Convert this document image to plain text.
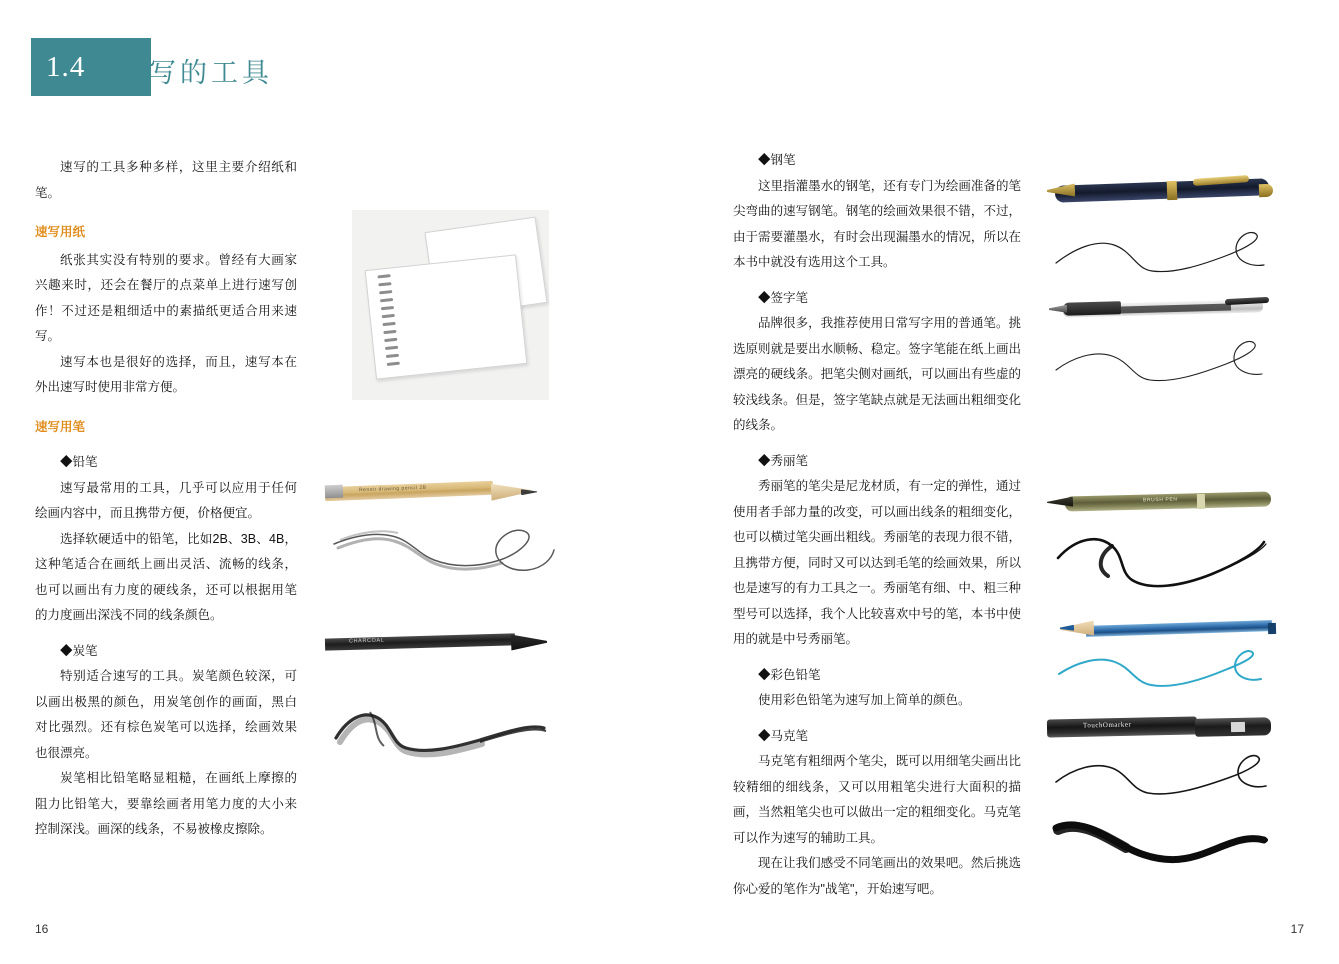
1.4 速写的工具

速写的工具多种多样，这里主要介绍纸和笔。

速写用纸

纸张其实没有特别的要求。曾经有大画家兴趣来时，还会在餐厅的点菜单上进行速写创作！不过还是粗细适中的素描纸更适合用来速写。

速写本也是很好的选择，而且，速写本在外出速写时使用非常方便。

速写用笔

◆铅笔

速写最常用的工具，几乎可以应用于任何绘画内容中，而且携带方便，价格便宜。

选择软硬适中的铅笔，比如2B、3B、4B，这种笔适合在画纸上画出灵活、流畅的线条，也可以画出有力度的硬线条，还可以根据用笔的力度画出深浅不同的线条颜色。

◆炭笔

特别适合速写的工具。炭笔颜色较深，可以画出极黑的颜色，用炭笔创作的画面，黑白对比强烈。还有棕色炭笔可以选择，绘画效果也很漂亮。

炭笔相比铅笔略显粗糙，在画纸上摩擦的阻力比铅笔大，要靠绘画者用笔力度的大小来控制深浅。画深的线条，不易被橡皮擦除。

◆钢笔

这里指灌墨水的钢笔，还有专门为绘画准备的笔尖弯曲的速写钢笔。钢笔的绘画效果很不错，不过，由于需要灌墨水，有时会出现漏墨水的情况，所以在本书中就没有选用这个工具。

◆签字笔

品牌很多，我推荐使用日常写字用的普通笔。挑选原则就是要出水顺畅、稳定。签字笔能在纸上画出漂亮的硬线条。把笔尖侧对画纸，可以画出有些虚的较浅线条。但是，签字笔缺点就是无法画出粗细变化的线条。

◆秀丽笔

秀丽笔的笔尖是尼龙材质，有一定的弹性，通过使用者手部力量的改变，可以画出线条的粗细变化，也可以横过笔尖画出粗线。秀丽笔的表现力很不错，且携带方便，同时又可以达到毛笔的绘画效果，所以也是速写的有力工具之一。秀丽笔有细、中、粗三种型号可以选择，我个人比较喜欢中号的笔，本书中使用的就是中号秀丽笔。

◆彩色铅笔

使用彩色铅笔为速写加上简单的颜色。

◆马克笔

马克笔有粗细两个笔尖，既可以用细笔尖画出比较精细的细线条，又可以用粗笔尖进行大面积的描画，当然粗笔尖也可以做出一定的粗细变化。马克笔可以作为速写的辅助工具。

现在让我们感受不同笔画出的效果吧。然后挑选你心爱的笔作为"战笔"，开始速写吧。

Renoir drawing pencil 2B
CHARCOAL
BRUSH PEN
TouchOmarker
16	17
